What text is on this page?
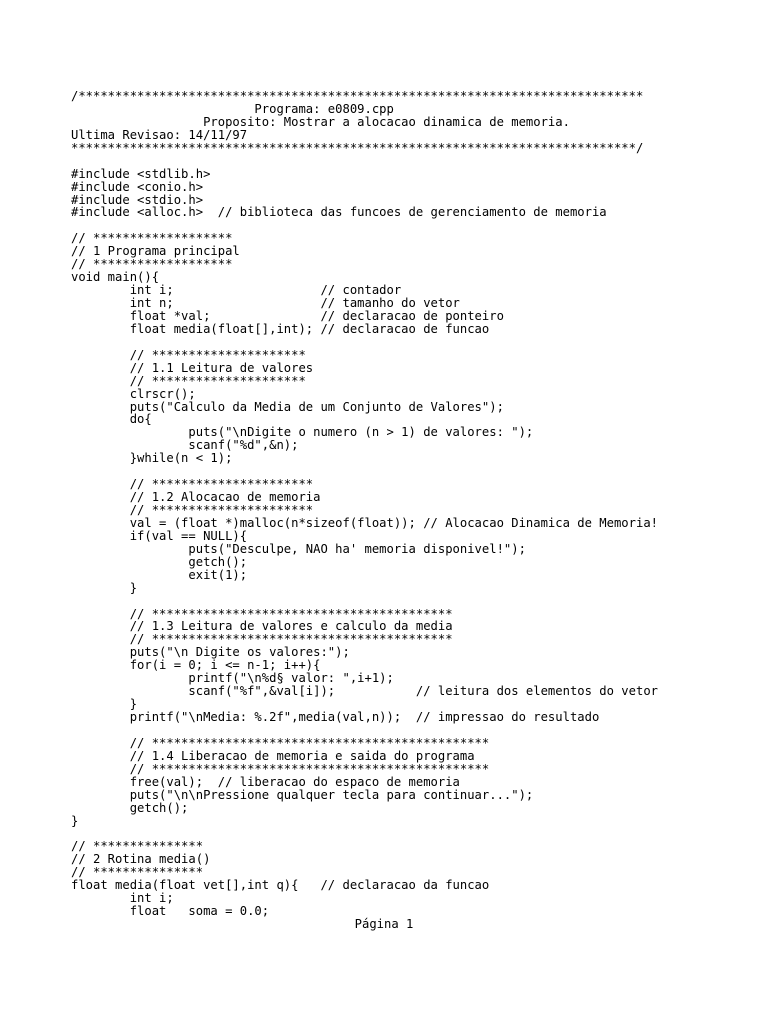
/*****************************************************************************
Programa: e0809.cpp
Proposito: Mostrar a alocacao dinamica de memoria.
Ultima Revisao: 14/11/97
*****************************************************************************/
#include <stdlib.h>
#include <conio.h>
#include <stdio.h>
#include <alloc.h>  // biblioteca das funcoes de gerenciamento de memoria
// *******************
// 1 Programa principal
// *******************
void main(){
int i;                    // contador
int n;                    // tamanho do vetor
float *val;               // declaracao de ponteiro
float media(float[],int); // declaracao de funcao
// *********************
// 1.1 Leitura de valores
// *********************
clrscr();
puts("Calculo da Media de um Conjunto de Valores");
do{
puts("\nDigite o numero (n > 1) de valores: ");
scanf("%d",&n);
}while(n < 1);
// **********************
// 1.2 Alocacao de memoria
// **********************
val = (float *)malloc(n*sizeof(float)); // Alocacao Dinamica de Memoria!
if(val == NULL){
puts("Desculpe, NAO ha' memoria disponivel!");
getch();
exit(1);
}
// *****************************************
// 1.3 Leitura de valores e calculo da media
// *****************************************
puts("\n Digite os valores:");
for(i = 0; i <= n-1; i++){
printf("\n%d§ valor: ",i+1);
scanf("%f",&val[i]);           // leitura dos elementos do vetor
}
printf("\nMedia: %.2f",media(val,n));  // impressao do resultado
// **********************************************
// 1.4 Liberacao de memoria e saida do programa
// **********************************************
free(val);  // liberacao do espaco de memoria
puts("\n\nPressione qualquer tecla para continuar...");
getch();
}
// ***************
// 2 Rotina media()
// ***************
float media(float vet[],int q){   // declaracao da funcao
int i;
float   soma = 0.0;
Página 1
